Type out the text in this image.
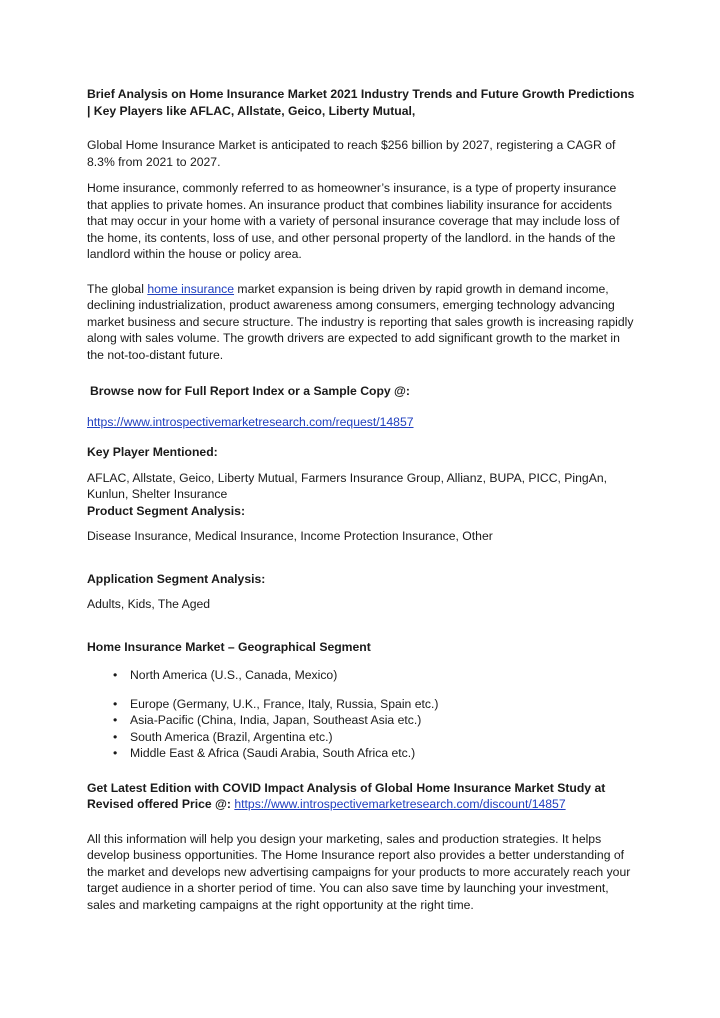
Brief Analysis on Home Insurance Market 2021 Industry Trends and Future Growth Predictions | Key Players like AFLAC, Allstate, Geico, Liberty Mutual,

Global Home Insurance Market is anticipated to reach $256 billion by 2027, registering a CAGR of 8.3% from 2021 to 2027.

Home insurance, commonly referred to as homeowner’s insurance, is a type of property insurance that applies to private homes. An insurance product that combines liability insurance for accidents that may occur in your home with a variety of personal insurance coverage that may include loss of the home, its contents, loss of use, and other personal property of the landlord. in the hands of the landlord within the house or policy area.

The global home insurance market expansion is being driven by rapid growth in demand income, declining industrialization, product awareness among consumers, emerging technology advancing market business and secure structure. The industry is reporting that sales growth is increasing rapidly along with sales volume. The growth drivers are expected to add significant growth to the market in the not-too-distant future.

Browse now for Full Report Index or a Sample Copy @:

https://www.introspectivemarketresearch.com/request/14857

Key Player Mentioned:

AFLAC, Allstate, Geico, Liberty Mutual, Farmers Insurance Group, Allianz, BUPA, PICC, PingAn, Kunlun, Shelter Insurance

Product Segment Analysis:

Disease Insurance, Medical Insurance, Income Protection Insurance, Other

Application Segment Analysis:

Adults, Kids, The Aged

Home Insurance Market – Geographical Segment

• North America (U.S., Canada, Mexico)
• Europe (Germany, U.K., France, Italy, Russia, Spain etc.)
• Asia-Pacific (China, India, Japan, Southeast Asia etc.)
• South America (Brazil, Argentina etc.)
• Middle East & Africa (Saudi Arabia, South Africa etc.)

Get Latest Edition with COVID Impact Analysis of Global Home Insurance Market Study at Revised offered Price @: https://www.introspectivemarketresearch.com/discount/14857

All this information will help you design your marketing, sales and production strategies. It helps develop business opportunities. The Home Insurance report also provides a better understanding of the market and develops new advertising campaigns for your products to more accurately reach your target audience in a shorter period of time. You can also save time by launching your investment, sales and marketing campaigns at the right opportunity at the right time.
